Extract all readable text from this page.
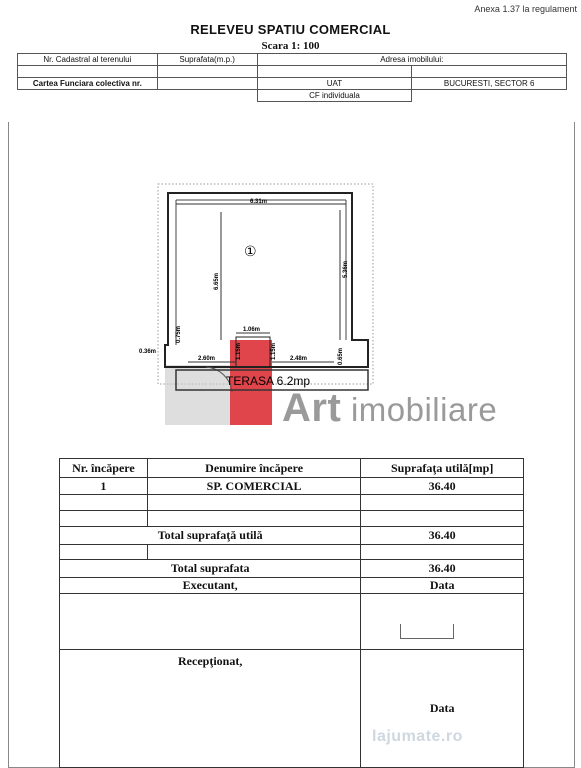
Anexa 1.37 la regulament
RELEVEU SPATIU COMERCIAL
Scara 1: 100
Nr. Cadastral al terenului	Suprafata(m.p.)	Adresa imobilului:	

Cartea Funciara colectiva nr.		UAT	BUCURESTI, SECTOR 6
		CF individuala	
6.31m
6.65m
5.36m
0.75m
0.36m
2.60m
1.06m
1.15m	1.15m 2.48m	0.65m
①
TERASA 6.2mp
Art imobiliare
Nr. încăpere	Denumire încăpere	Suprafaţa utilă[mp]
1	SP. COMERCIAL	36.40

Total suprafaţă utilă		36.40

Total suprafata		36.40
Executant,		Data

Recepţionat,		Data
lajumate.ro
